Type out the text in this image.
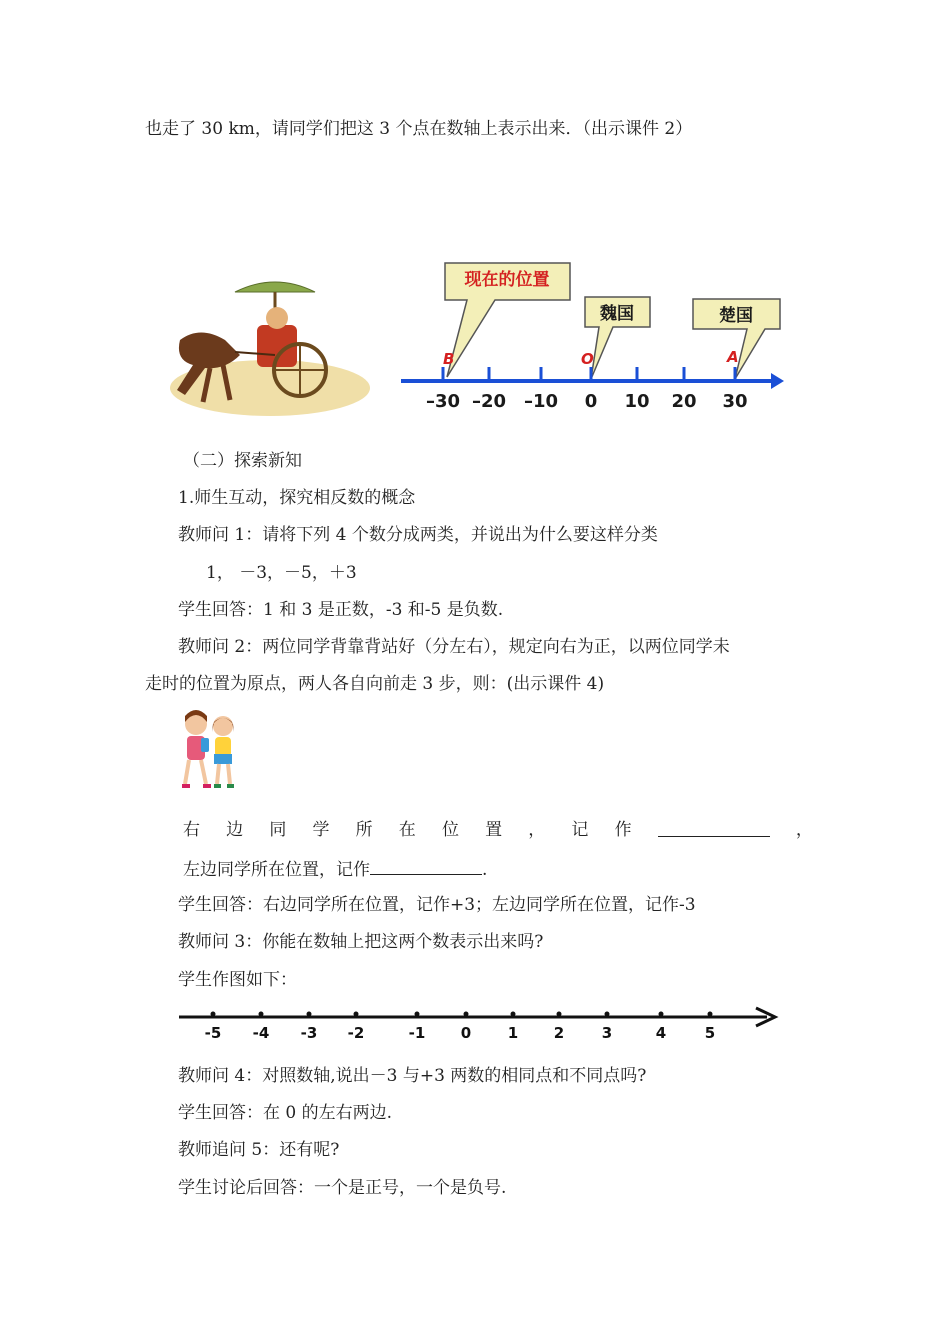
也走了 30 km，请同学们把这 3 个点在数轴上表示出来．（出示课件 2）
现在的位置
魏国	楚国
–30 –20 –10 0 10 20 30
B	O	A
（二）探索新知
1.师生互动，探究相反数的概念
教师问 1：请将下列 4 个数分成两类，并说出为什么要这样分类
1， －3，－5，＋3
学生回答：1 和 3 是正数，-3 和-5 是负数.
教师问 2：两位同学背靠背站好（分左右），规定向右为正，以两位同学未
走时的位置为原点，两人各自向前走 3 步，则：(出示课件 4)
右 边 同 学 所 在 位 置 ， 记 作	，
左边同学所在位置，记作	.
学生回答：右边同学所在位置，记作+3；左边同学所在位置，记作-3
教师问 3：你能在数轴上把这两个数表示出来吗?
学生作图如下：
-5 -4 -3 -2	-1 0 1 2	3	4	5
教师问 4：对照数轴,说出－3 与+3 两数的相同点和不同点吗?
学生回答：在 0 的左右两边.
教师追问 5：还有呢?
学生讨论后回答：一个是正号，一个是负号.
